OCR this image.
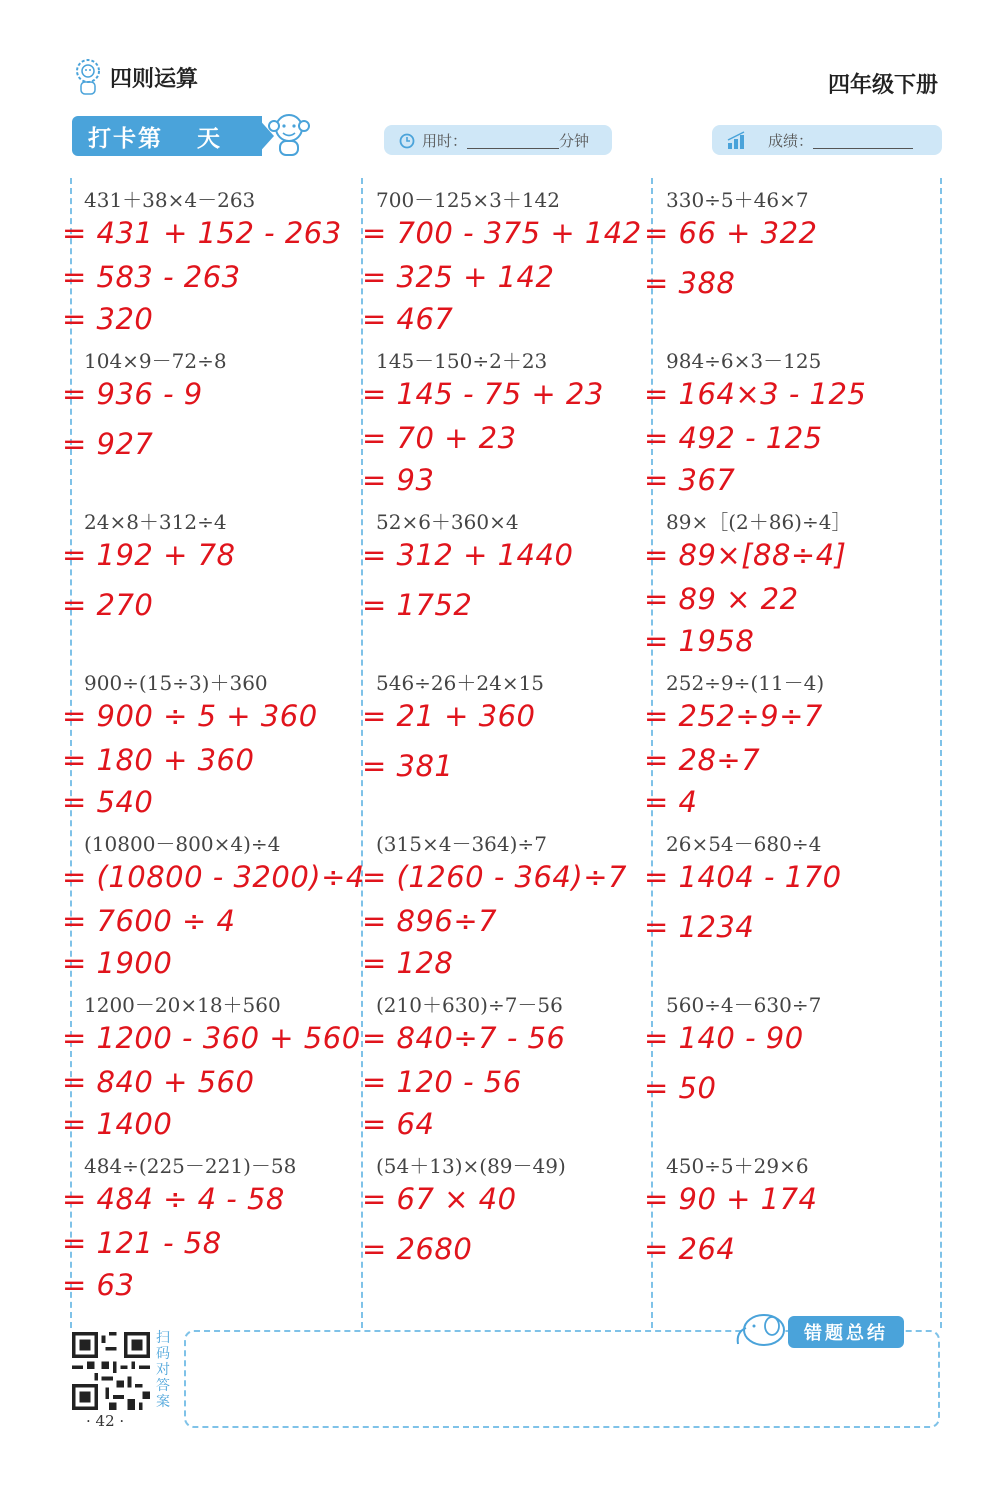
四则运算	四年级下册
打卡第 天	用时：	分钟	成绩：
431＋38×4－263
= 431 + 152 - 263
= 583 - 263
= 320
700－125×3＋142
= 700 - 375 + 142
= 325 + 142
= 467
330÷5＋46×7
= 66 + 322
= 388
104×9－72÷8
= 936 - 9
= 927
145－150÷2＋23
= 145 - 75 + 23
= 70 + 23
= 93
984÷6×3－125
= 164×3 - 125
= 492 - 125
= 367
24×8＋312÷4
= 192 + 78
= 270
52×6＋360×4
= 312 + 1440
= 1752
89×［(2＋86)÷4］
= 89×[88÷4]
= 89 × 22
= 1958
900÷(15÷3)＋360
= 900 ÷ 5 + 360
= 180 + 360
= 540
546÷26＋24×15
= 21 + 360
= 381
252÷9÷(11－4)
= 252÷9÷7
= 28÷7
= 4
(10800－800×4)÷4
= (10800 - 3200)÷4
= 7600 ÷ 4
= 1900
(315×4－364)÷7
= (1260 - 364)÷7
= 896÷7
= 128
26×54－680÷4
= 1404 - 170
= 1234
1200－20×18＋560
= 1200 - 360 + 560
= 840 + 560
= 1400
(210＋630)÷7－56
= 840÷7 - 56
= 120 - 56
= 64
560÷4－630÷7
= 140 - 90
= 50
484÷(225－221)－58
= 484 ÷ 4 - 58
= 121 - 58
= 63
(54＋13)×(89－49)
= 67 × 40
= 2680
450÷5＋29×6
= 90 + 174
= 264
错题总结
扫码对答案
· 42 ·
